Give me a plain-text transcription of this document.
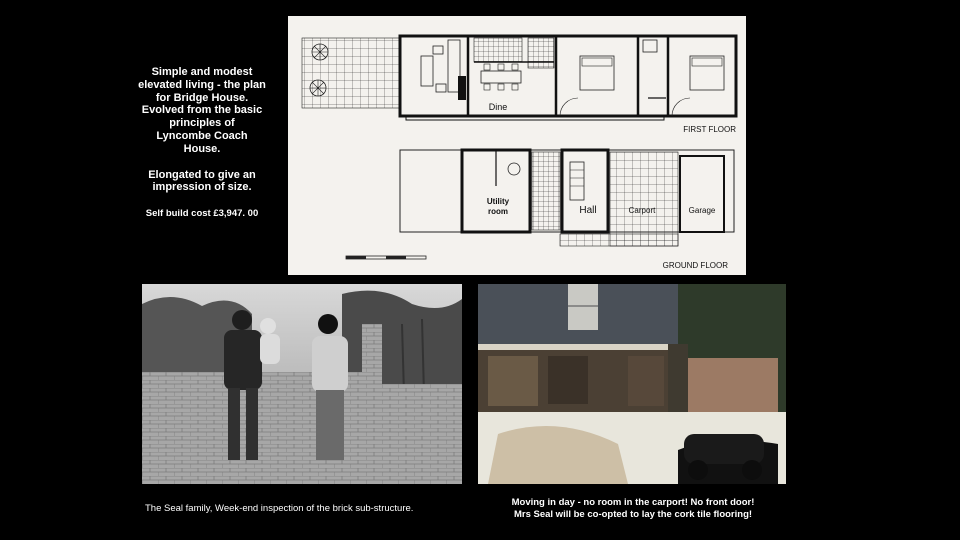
Simple and modest

elevated living - the plan

for Bridge House.

Evolved from the basic

principles of

Lyncombe Coach

House.

Elongated to give an

impression of size.

Self build cost £3,947. 00

Dine
FIRST FLOOR
Utility
room	Hall	Carport	Garage
GROUND FLOOR

The Seal family, Week-end inspection of the brick sub-structure.

Moving in day - no room in the carport! No front door!
Mrs Seal will be co-opted to lay the cork tile flooring!
